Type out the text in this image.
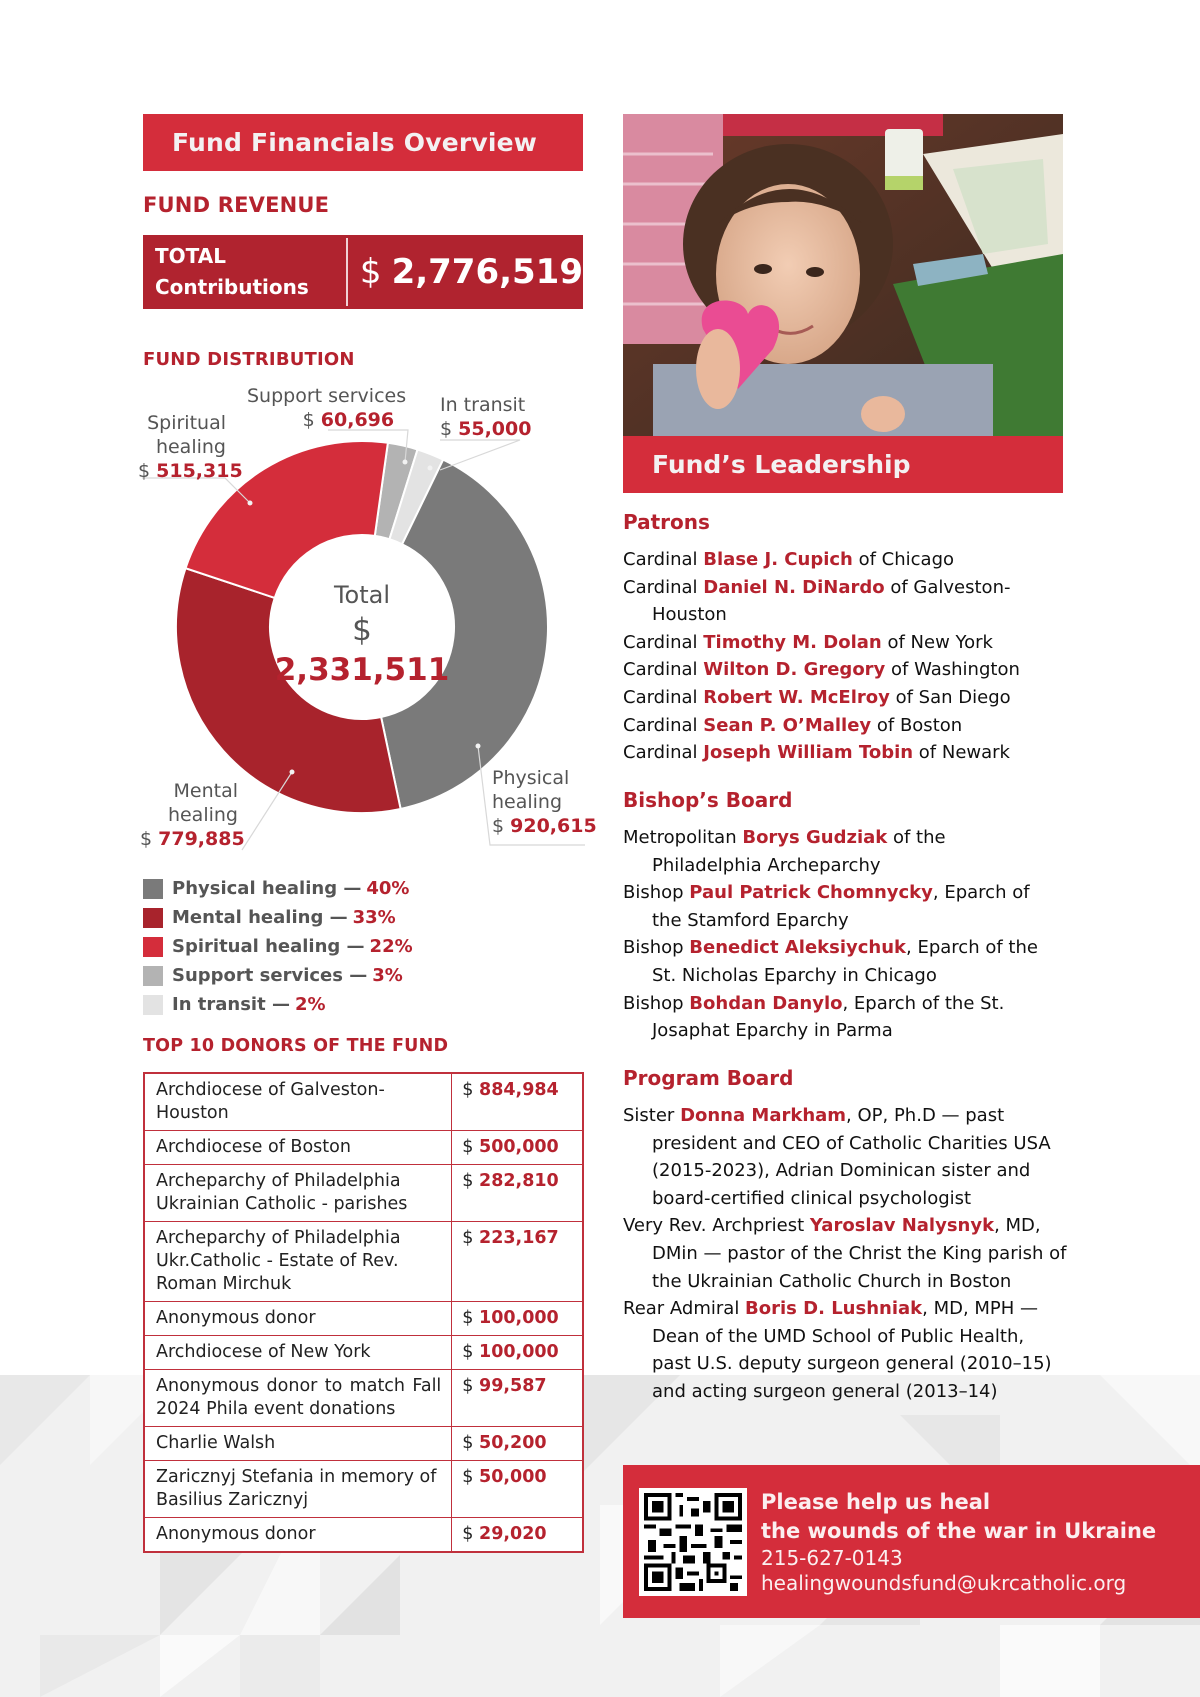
Fund Financials Overview
FUND REVENUE
TOTAL
Contributions	$ 2,776,519
FUND DISTRIBUTION
Support services
$ 60,696
In transit
$ 55,000
Spiritual
healing
$ 515,315
Mental
healing
$ 779,885
Physical
healing
$ 920,615
Total
$ 2,331,511
Physical healing — 40%
Mental healing — 33%
Spiritual healing — 22%
Support services — 3%
In transit — 2%
TOP 10 DONORS OF THE FUND
Archdiocese of Galveston-Houston	$ 884,984
Archdiocese of Boston	$ 500,000
Archeparchy of Philadelphia Ukrainian Catholic - parishes	$ 282,810
Archeparchy of Philadelphia Ukr.Catholic - Estate of Rev. Roman Mirchuk	$ 223,167
Anonymous donor	$ 100,000
Archdiocese of New York	$ 100,000
Anonymous donor to match Fall 2024 Phila event donations	$ 99,587
Charlie Walsh	$ 50,200
Zaricznyj Stefania in memory of Basilius Zaricznyj	$ 50,000
Anonymous donor	$ 29,020
Fund’s Leadership
Patrons
Cardinal Blase J. Cupich of Chicago
Cardinal Daniel N. DiNardo of Galveston-Houston
Cardinal Timothy M. Dolan of New York
Cardinal Wilton D. Gregory of Washington
Cardinal Robert W. McElroy of San Diego
Cardinal Sean P. O’Malley of Boston
Cardinal Joseph William Tobin of Newark
Bishop’s Board
Metropolitan Borys Gudziak of the Philadelphia Archeparchy
Bishop Paul Patrick Chomnycky, Eparch of the Stamford Eparchy
Bishop Benedict Aleksiychuk, Eparch of the St. Nicholas Eparchy in Chicago
Bishop Bohdan Danylo, Eparch of the St. Josaphat Eparchy in Parma
Program Board
Sister Donna Markham, OP, Ph.D — past president and CEO of Catholic Charities USA (2015-2023), Adrian Dominican sister and board-certified clinical psychologist
Very Rev. Archpriest Yaroslav Nalysnyk, MD, DMin — pastor of the Christ the King parish of the Ukrainian Catholic Church in Boston
Rear Admiral Boris D. Lushniak, MD, MPH — Dean of the UMD School of Public Health, past U.S. deputy surgeon general (2010–15) and acting surgeon general (2013–14)
Please help us heal
the wounds of the war in Ukraine
215-627-0143
healingwoundsfund@ukrcatholic.org
